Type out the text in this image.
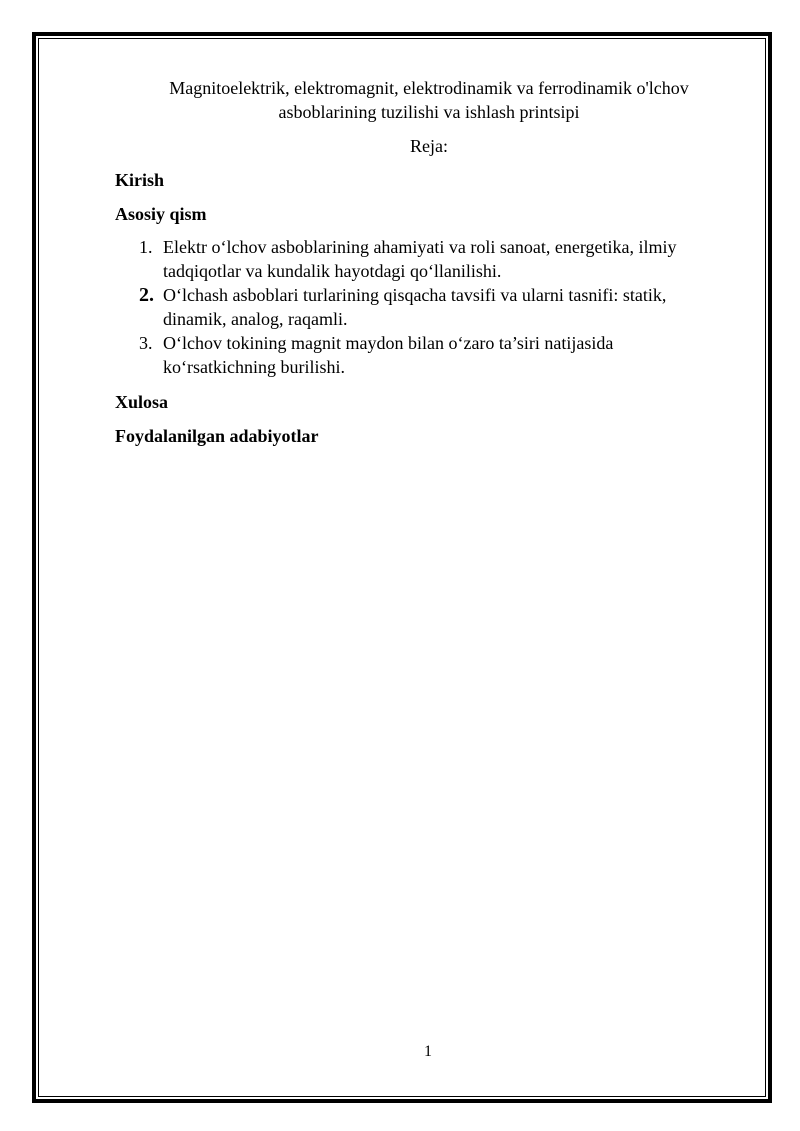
Magnitoelektrik, elektromagnit, elektrodinamik va ferrodinamik o'lchov
asboblarining tuzilishi va ishlash printsipi
Reja:
Kirish
Asosiy qism
1. Elektr o‘lchov asboblarining ahamiyati va roli sanoat, energetika, ilmiy tadqiqotlar va kundalik hayotdagi qo‘llanilishi.
2. O‘lchash asboblari turlarining qisqacha tavsifi va ularni tasnifi: statik, dinamik, analog, raqamli.
3. O‘lchov tokining magnit maydon bilan o‘zaro ta’siri natijasida ko‘rsatkichning burilishi.
Xulosa
Foydalanilgan adabiyotlar
1
